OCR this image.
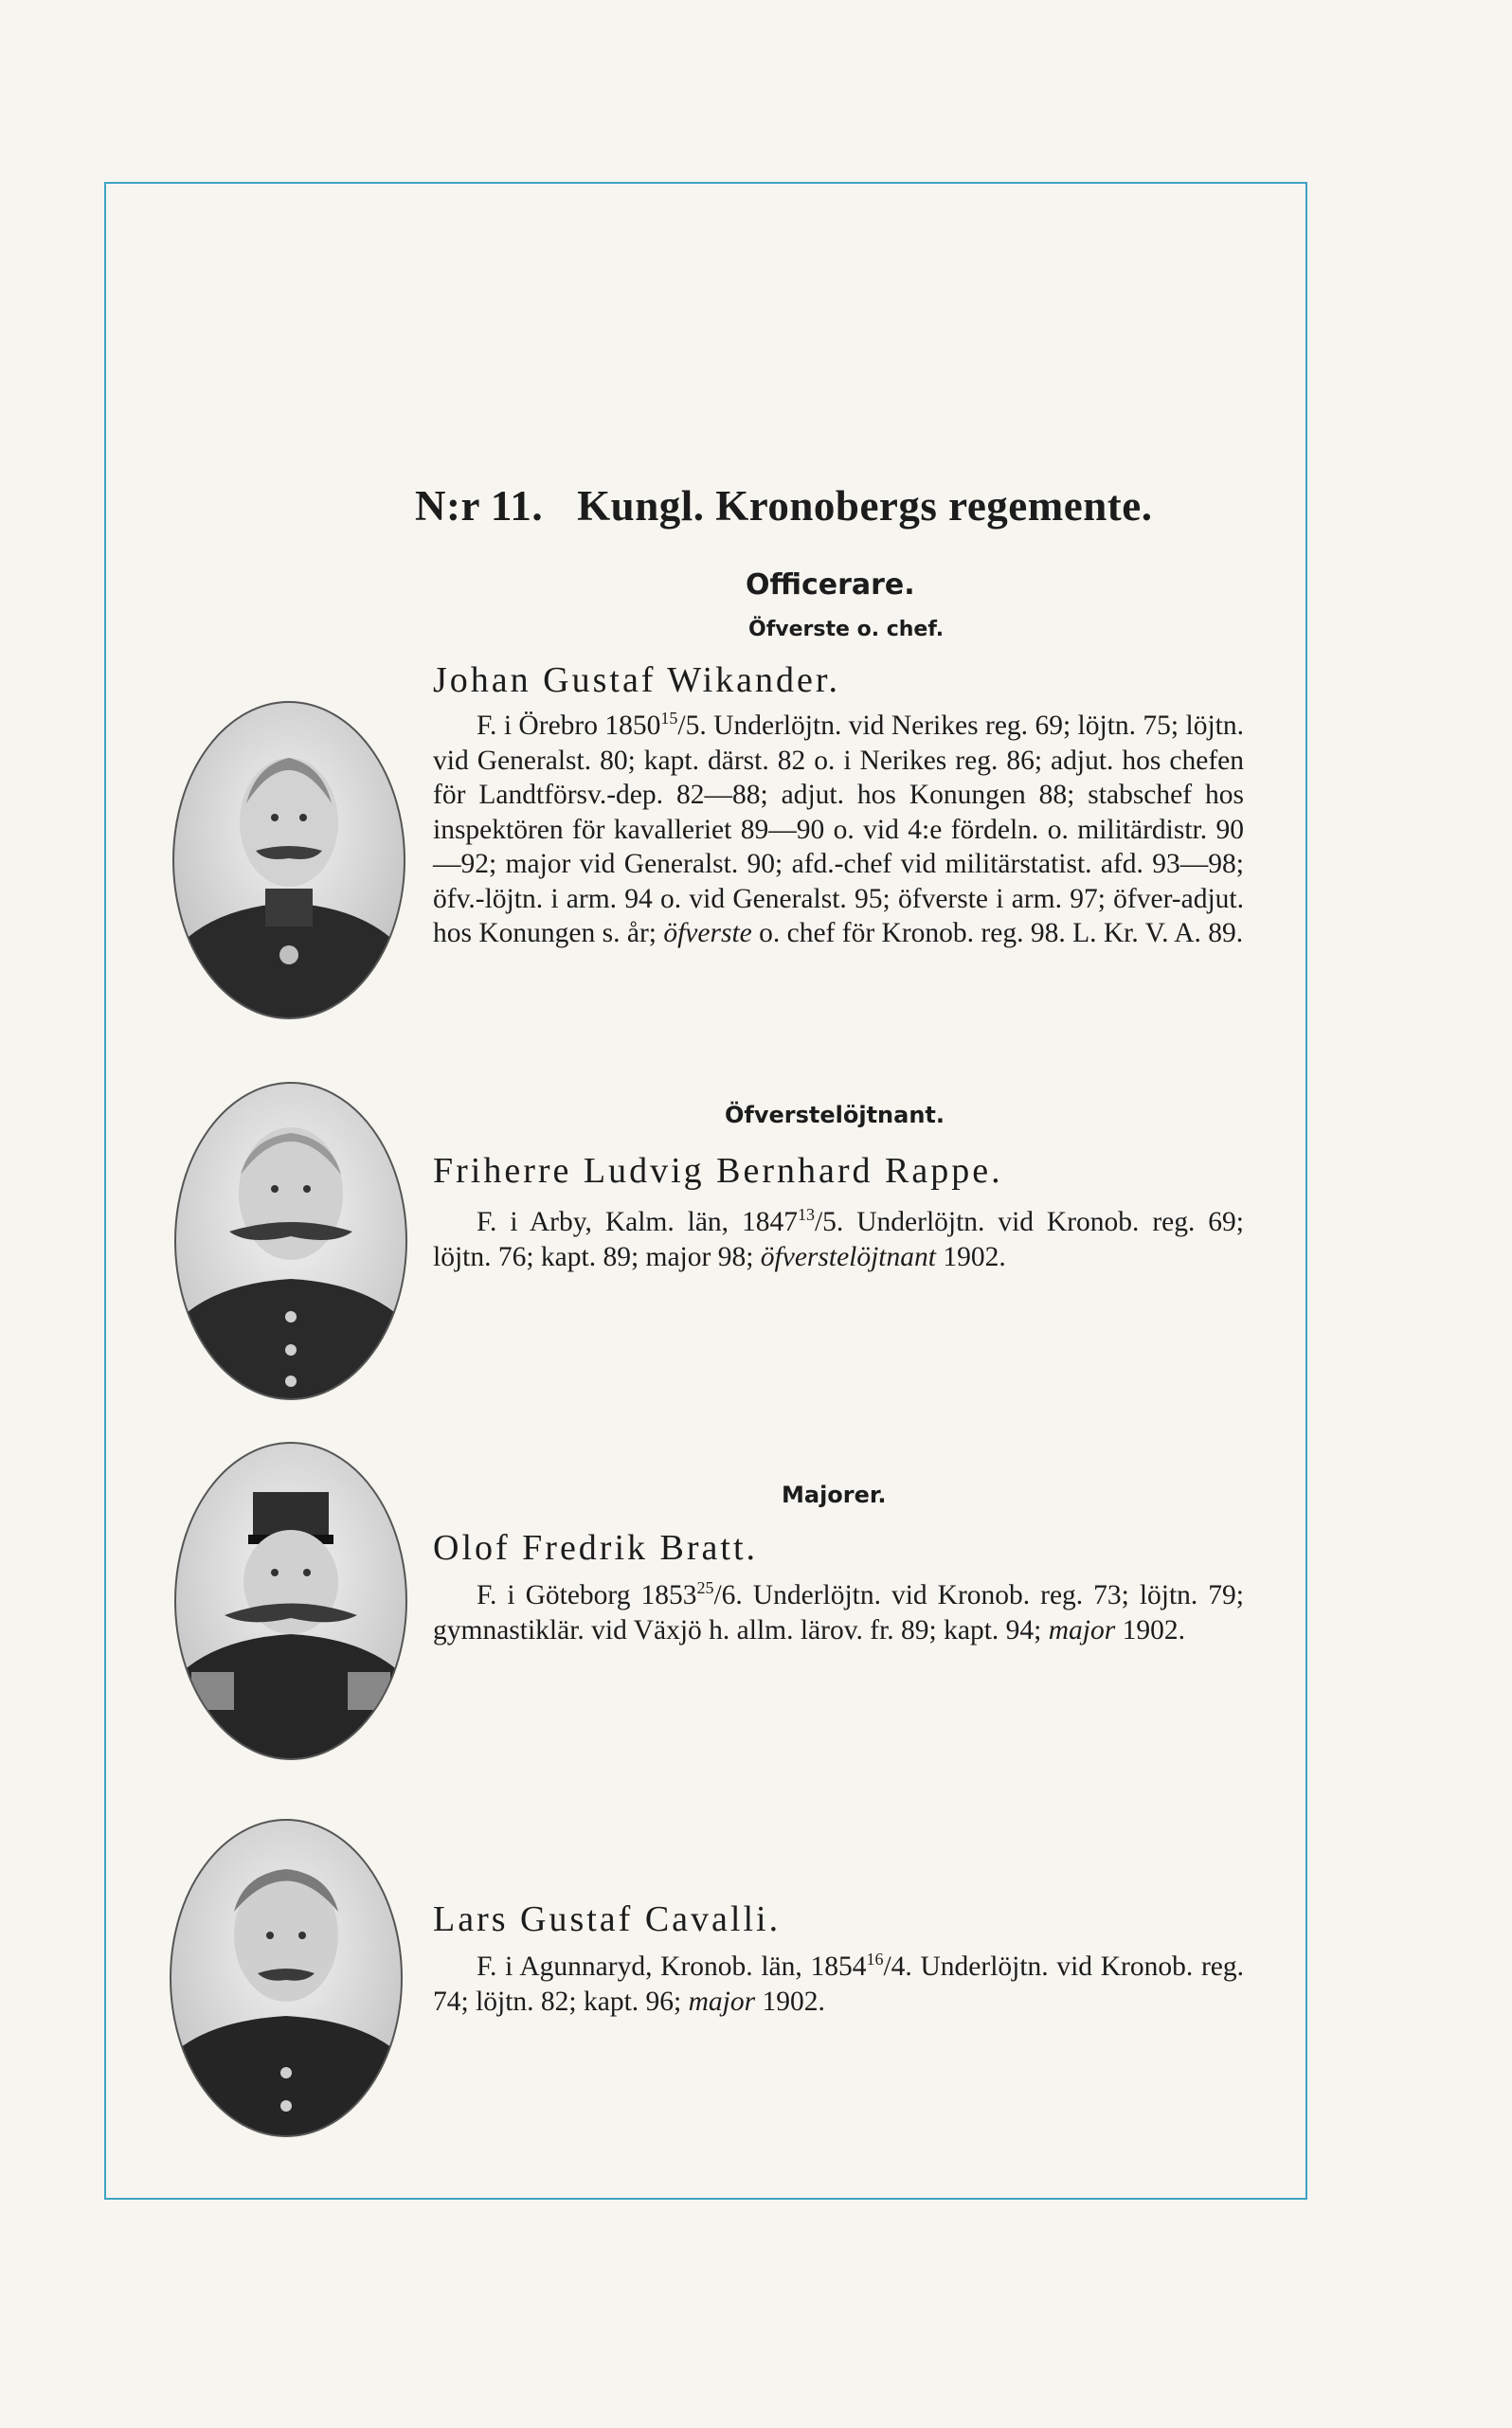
N:r 11. Kungl. Kronobergs regemente.
Officerare.
Öfverste o. chef.
Johan Gustaf Wikander.
F. i Örebro 1850$^{15}$/5. Underlöjtn. vid Nerikes reg. 69; löjtn. 75; löjtn. vid Generalst. 80; kapt. därst. 82 o. i Nerikes reg. 86; adjut. hos chefen för Landtförsv.-dep. 82—88; adjut. hos Konungen 88; stabschef hos inspektören för kavalleriet 89—90 o. vid 4:e fördeln. o. militärdistr. 90—92; major vid Generalst. 90; afd.-chef vid militärstatist. afd. 93—98; öfv.-löjtn. i arm. 94 o. vid Generalst. 95; öfverste i arm. 97; öfver-adjut. hos Konungen s. år; öfverste o. chef för Kronob. reg. 98. L. Kr. V. A. 89.
Öfverstelöjtnant.
Friherre Ludvig Bernhard Rappe.
F. i Arby, Kalm. län, 1847$^{13}$/5. Underlöjtn. vid Kronob. reg. 69; löjtn. 76; kapt. 89; major 98; öfverstelöjtnant 1902.
Majorer.
Olof Fredrik Bratt.
F. i Göteborg 1853$^{25}$/6. Underlöjtn. vid Kronob. reg. 73; löjtn. 79; gymnastiklär. vid Växjö h. allm. lärov. fr. 89; kapt. 94; major 1902.
Lars Gustaf Cavalli.
F. i Agunnaryd, Kronob. län, 1854$^{16}$/4. Underlöjtn. vid Kronob. reg. 74; löjtn. 82; kapt. 96; major 1902.
